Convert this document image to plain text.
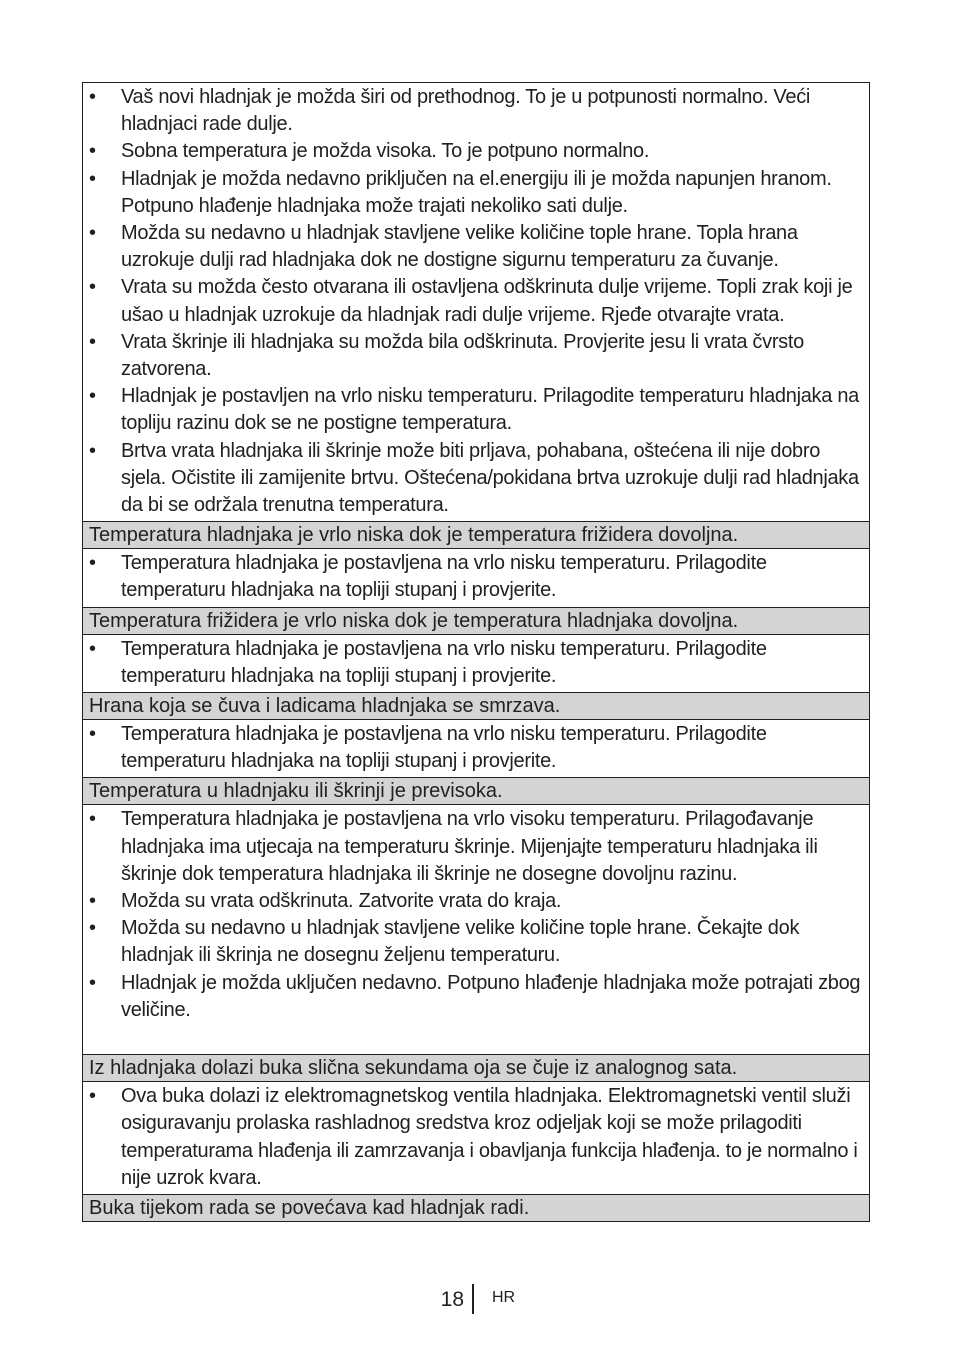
• Vaš novi hladnjak je možda širi od prethodnog. To je u potpunosti normalno. Veći hladnjaci rade dulje.
• Sobna temperatura je možda visoka. To je potpuno normalno.
• Hladnjak je možda nedavno priključen na el.energiju ili je možda napunjen hranom. Potpuno hlađenje hladnjaka može trajati nekoliko sati dulje.
• Možda su nedavno u hladnjak stavljene velike količine tople hrane. Topla hrana uzrokuje dulji rad hladnjaka dok ne dostigne sigurnu temperaturu za čuvanje.
• Vrata su možda često otvarana ili ostavljena odškrinuta dulje vrijeme. Topli zrak koji je ušao u hladnjak uzrokuje da hladnjak radi dulje vrijeme. Rjeđe otvarajte vrata.
• Vrata škrinje ili hladnjaka su možda bila odškrinuta. Provjerite jesu li vrata čvrsto zatvorena.
• Hladnjak je postavljen na vrlo nisku temperaturu. Prilagodite temperaturu hladnjaka na topliju razinu dok se ne postigne temperatura.
• Brtva vrata hladnjaka ili škrinje može biti prljava, pohabana, oštećena ili nije dobro sjela. Očistite ili zamijenite brtvu. Oštećena/pokidana brtva uzrokuje dulji rad hladnjaka da bi se održala trenutna temperatura.
Temperatura hladnjaka je vrlo niska dok je temperatura frižidera dovoljna.
• Temperatura hladnjaka je postavljena na vrlo nisku temperaturu. Prilagodite temperaturu hladnjaka na topliji stupanj i provjerite.
Temperatura frižidera je vrlo niska dok je temperatura hladnjaka dovoljna.
• Temperatura hladnjaka je postavljena na vrlo nisku temperaturu. Prilagodite temperaturu hladnjaka na topliji stupanj i provjerite.
Hrana koja se čuva i ladicama hladnjaka se smrzava.
• Temperatura hladnjaka je postavljena na vrlo nisku temperaturu. Prilagodite temperaturu hladnjaka na topliji stupanj i provjerite.
Temperatura u hladnjaku ili škrinji je previsoka.
• Temperatura hladnjaka je postavljena na vrlo visoku temperaturu. Prilagođavanje hladnjaka ima utjecaja na temperaturu škrinje. Mijenjajte temperaturu hladnjaka ili škrinje dok temperatura hladnjaka ili škrinje ne dosegne dovoljnu razinu.
• Možda su vrata odškrinuta. Zatvorite vrata do kraja.
• Možda su nedavno u hladnjak stavljene velike količine tople hrane. Čekajte dok hladnjak ili škrinja ne dosegnu željenu temperaturu.
• Hladnjak je možda uključen nedavno. Potpuno hlađenje hladnjaka može potrajati zbog veličine.
Iz hladnjaka dolazi buka slična sekundama oja se čuje iz analognog sata.
• Ova buka dolazi iz elektromagnetskog ventila hladnjaka. Elektromagnetski ventil služi osiguravanju prolaska rashladnog sredstva kroz odjeljak koji se može prilagoditi temperaturama hlađenja ili zamrzavanja i obavljanja funkcija hlađenja. to je normalno i nije uzrok kvara.
Buka tijekom rada se povećava kad hladnjak radi.
18 HR
